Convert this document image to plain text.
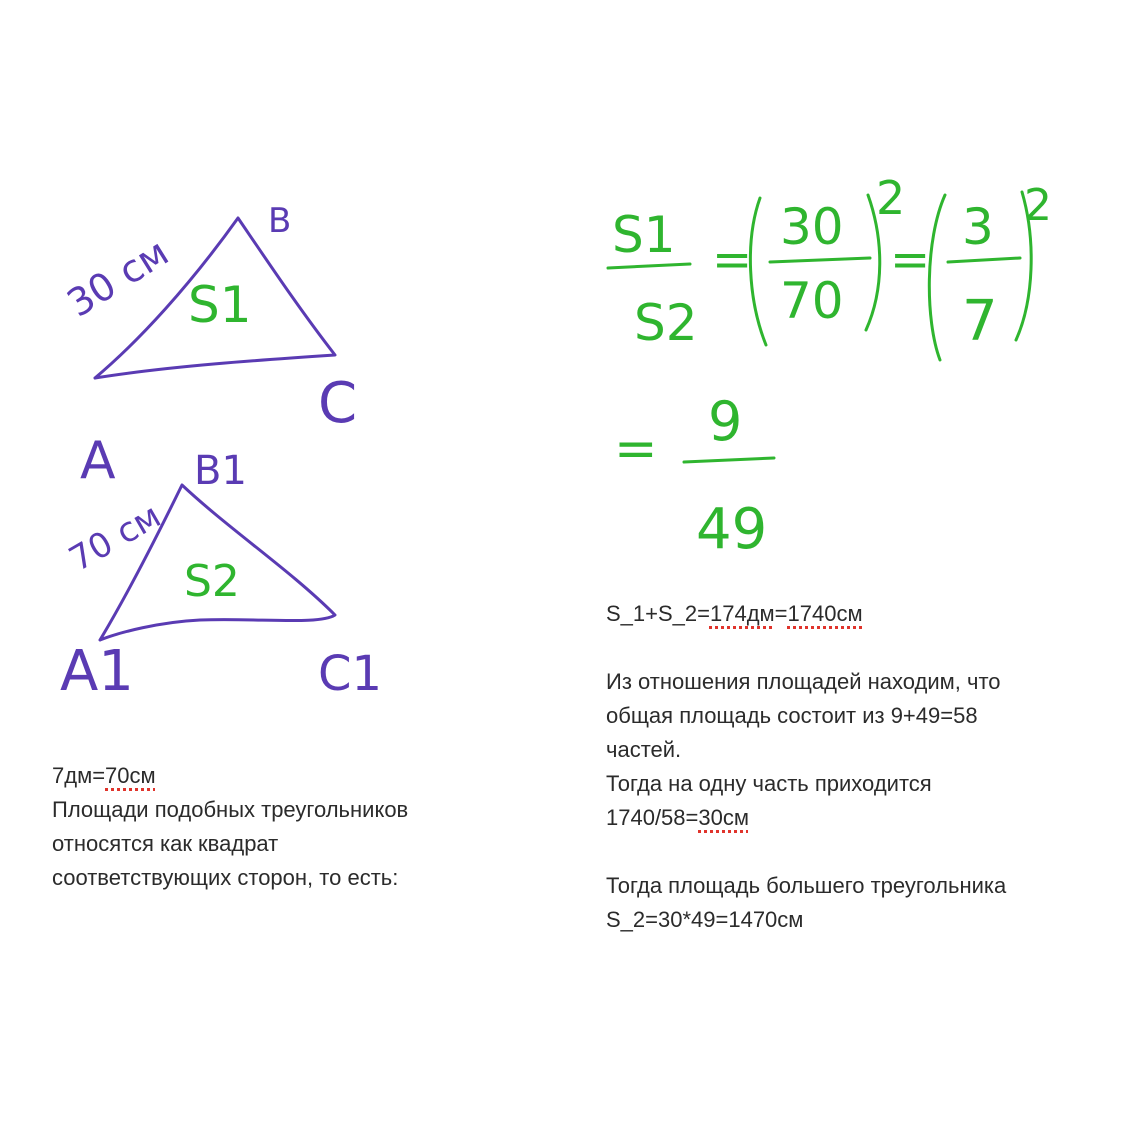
30 см
B
A
C
B1
70 см
A1	C1
S1
S2
S1
S2
=
30
70
2
=
3
7
2
= 9
49
7дм=70см
Площади подобных треугольников
относятся как квадрат
соответствующих сторон, то есть:
S_1+S_2=174дм=1740см
Из отношения площадей находим, что
общая площадь состоит из 9+49=58
частей.
Тогда на одну часть приходится
1740/58=30см
Тогда площадь большего треугольника
S_2=30*49=1470см
